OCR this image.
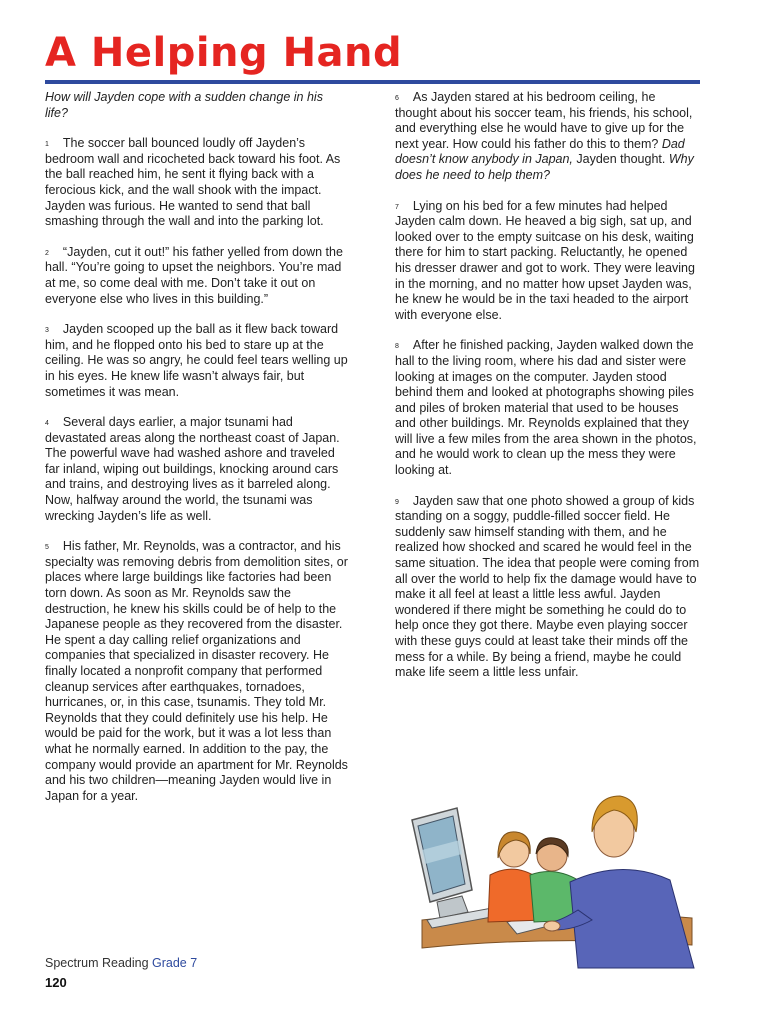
A Helping Hand

How will Jayden cope with a sudden change in his life?

$^1$ The soccer ball bounced loudly off Jayden’s bedroom wall and ricocheted back toward his foot. As the ball reached him, he sent it flying back with a ferocious kick, and the wall shook with the impact. Jayden was furious. He wanted to send that ball smashing through the wall and into the parking lot.

$^2$ “Jayden, cut it out!” his father yelled from down the hall. “You’re going to upset the neighbors. You’re mad at me, so come deal with me. Don’t take it out on everyone else who lives in this building.”

$^3$ Jayden scooped up the ball as it flew back toward him, and he flopped onto his bed to stare up at the ceiling. He was so angry, he could feel tears welling up in his eyes. He knew life wasn’t always fair, but sometimes it was mean.

$^4$ Several days earlier, a major tsunami had devastated areas along the northeast coast of Japan. The powerful wave had washed ashore and traveled far inland, wiping out buildings, knocking around cars and trains, and destroying lives as it barreled along. Now, halfway around the world, the tsunami was wrecking Jayden’s life as well.

$^5$ His father, Mr. Reynolds, was a contractor, and his specialty was removing debris from demolition sites, or places where large buildings like factories had been torn down. As soon as Mr. Reynolds saw the destruction, he knew his skills could be of help to the Japanese people as they recovered from the disaster. He spent a day calling relief organizations and companies that specialized in disaster recovery. He finally located a nonprofit company that performed cleanup services after earthquakes, tornadoes, hurricanes, or, in this case, tsunamis. They told Mr. Reynolds that they could definitely use his help. He would be paid for the work, but it was a lot less than what he normally earned. In addition to the pay, the company would provide an apartment for Mr. Reynolds and his two children—meaning Jayden would live in Japan for a year.

$^6$ As Jayden stared at his bedroom ceiling, he thought about his soccer team, his friends, his school, and everything else he would have to give up for the next year. How could his father do this to them? Dad doesn’t know anybody in Japan, Jayden thought. Why does he need to help them?

$^7$ Lying on his bed for a few minutes had helped Jayden calm down. He heaved a big sigh, sat up, and looked over to the empty suitcase on his desk, waiting there for him to start packing. Reluctantly, he opened his dresser drawer and got to work. They were leaving in the morning, and no matter how upset Jayden was, he knew he would be in the taxi headed to the airport with everyone else.

$^8$ After he finished packing, Jayden walked down the hall to the living room, where his dad and sister were looking at images on the computer. Jayden stood behind them and looked at photographs showing piles and piles of broken material that used to be houses and other buildings. Mr. Reynolds explained that they will live a few miles from the area shown in the photos, and he would work to clean up the mess they were looking at.

$^9$ Jayden saw that one photo showed a group of kids standing on a soggy, puddle-filled soccer field. He suddenly saw himself standing with them, and he realized how shocked and scared he would feel in the same situation. The idea that people were coming from all over the world to help fix the damage would have to make it all feel at least a little less awful. Jayden wondered if there might be something he could do to help once they got there. Maybe even playing soccer with these guys could at least take their minds off the mess for a while. By being a friend, maybe he could make life seem a little less unfair.

Spectrum Reading Grade 7
120
